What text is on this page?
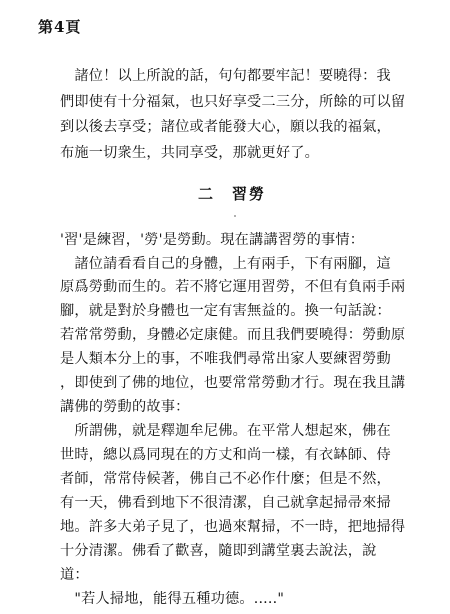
第4頁
　諸位！以上所說的話，句句都要牢記！要曉得：我
們即使有十分福氣，也只好享受二三分，所餘的可以留
到以後去享受；諸位或者能發大心，願以我的福氣，
布施一切衆生，共同享受，那就更好了。
二　習勞
'習'是練習，'勞'是勞動。現在講講習勞的事情：
　諸位請看看自己的身體，上有兩手，下有兩腳，這
原爲勞動而生的。若不將它運用習勞，不但有負兩手兩
腳，就是對於身體也一定有害無益的。換一句話說：
若常常勞動，身體必定康健。而且我們要曉得：勞動原
是人類本分上的事，不唯我們尋常出家人要練習勞動
，即使到了佛的地位，也要常常勞動才行。現在我且講
講佛的勞動的故事：
　所謂佛，就是釋迦牟尼佛。在平常人想起來，佛在
世時，總以爲同現在的方丈和尚一樣，有衣缽師、侍
者師，常常侍候著，佛自己不必作什麼；但是不然，
有一天，佛看到地下不很清潔，自己就拿起掃帚來掃
地。許多大弟子見了，也過來幫掃，不一時，把地掃得
十分清潔。佛看了歡喜，隨即到講堂裏去說法，說
道：
　"若人掃地，能得五種功德。....."
